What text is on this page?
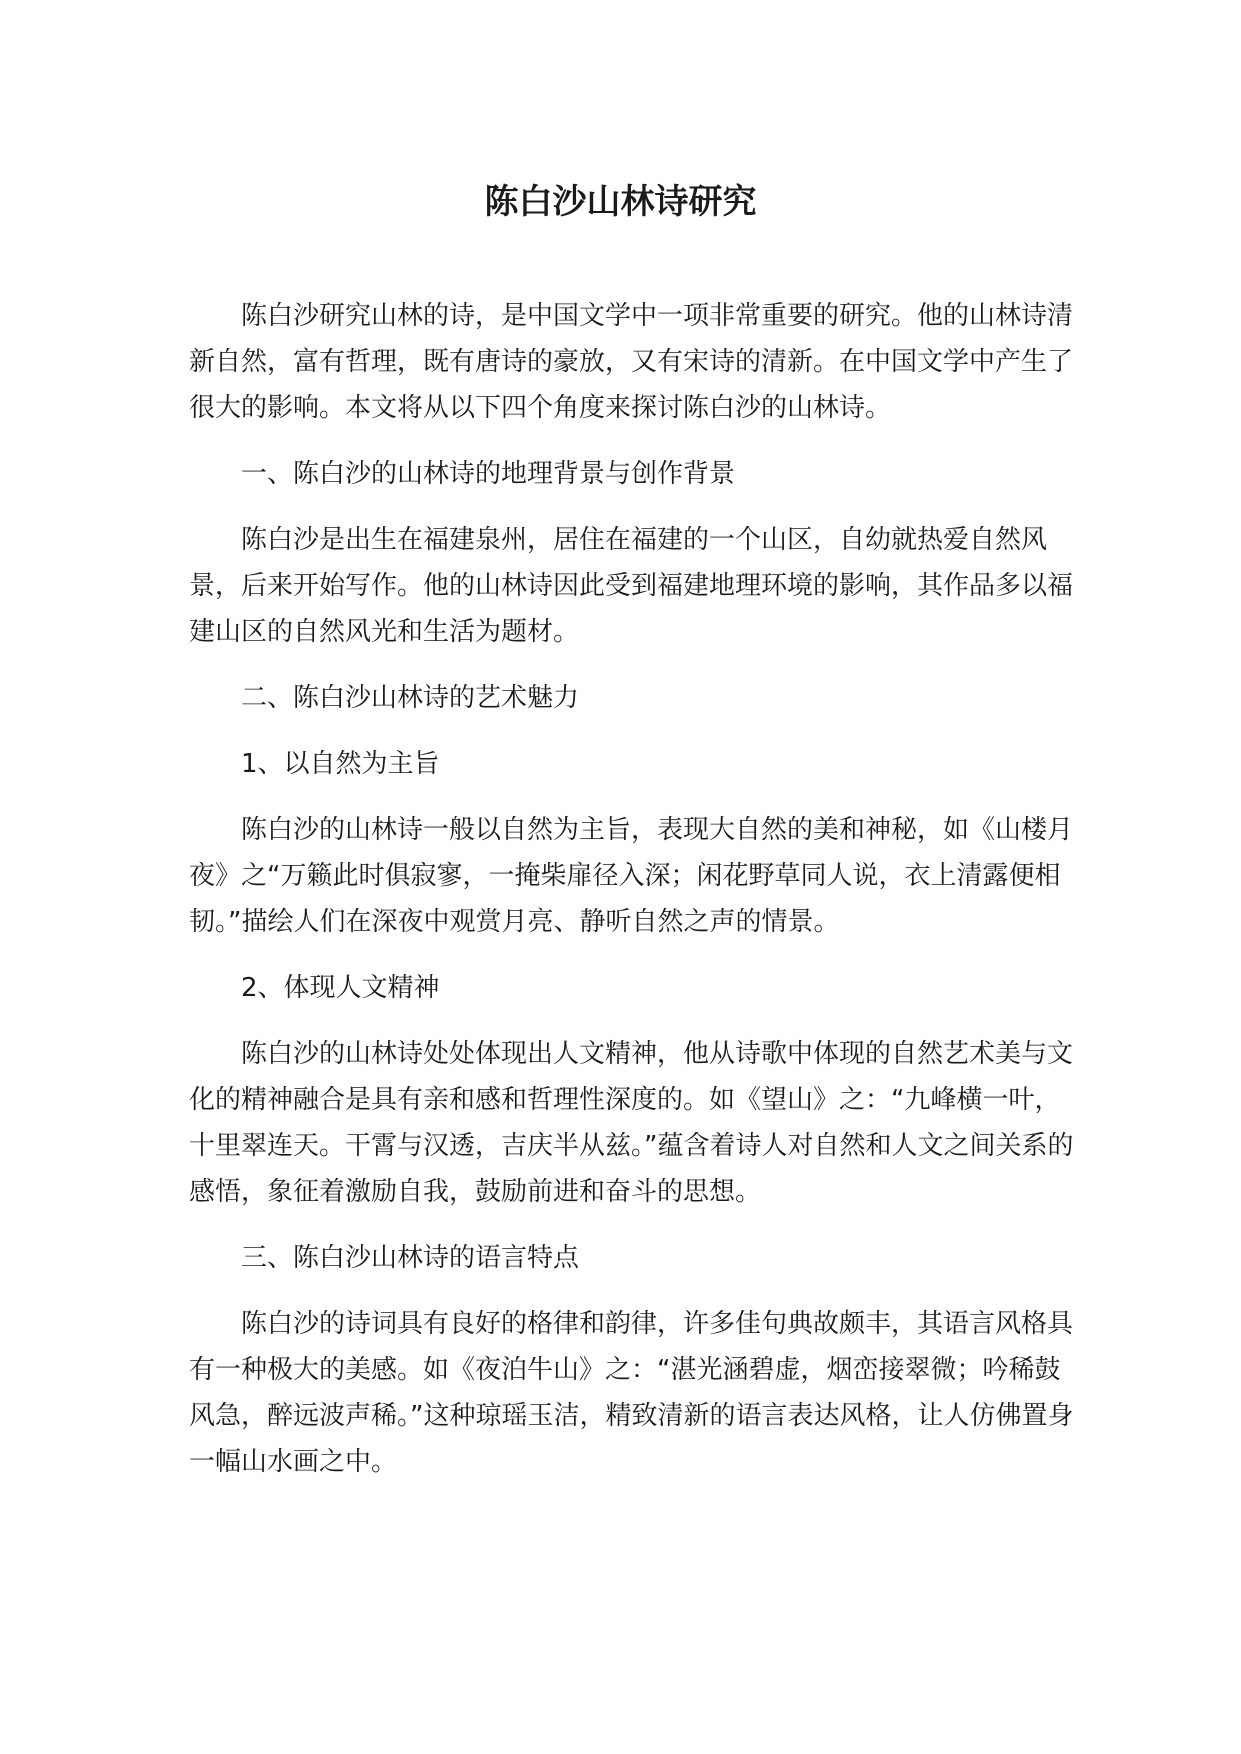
陈白沙山林诗研究

陈白沙研究山林的诗，是中国文学中一项非常重要的研究。他的山林诗清新自然，富有哲理，既有唐诗的豪放，又有宋诗的清新。在中国文学中产生了很大的影响。本文将从以下四个角度来探讨陈白沙的山林诗。

一、陈白沙的山林诗的地理背景与创作背景

陈白沙是出生在福建泉州，居住在福建的一个山区，自幼就热爱自然风景，后来开始写作。他的山林诗因此受到福建地理环境的影响，其作品多以福建山区的自然风光和生活为题材。

二、陈白沙山林诗的艺术魅力

1、以自然为主旨

陈白沙的山林诗一般以自然为主旨，表现大自然的美和神秘，如《山楼月夜》之“万籁此时俱寂寥，一掩柴扉径入深；闲花野草同人说，衣上清露便相韧。”描绘人们在深夜中观赏月亮、静听自然之声的情景。

2、体现人文精神

陈白沙的山林诗处处体现出人文精神，他从诗歌中体现的自然艺术美与文化的精神融合是具有亲和感和哲理性深度的。如《望山》之：“九峰横一叶，十里翠连天。干霄与汉透，吉庆半从兹。”蕴含着诗人对自然和人文之间关系的感悟，象征着激励自我，鼓励前进和奋斗的思想。

三、陈白沙山林诗的语言特点

陈白沙的诗词具有良好的格律和韵律，许多佳句典故颇丰，其语言风格具有一种极大的美感。如《夜泊牛山》之：“湛光涵碧虚，烟峦接翠微；吟稀鼓风急，醉远波声稀。”这种琼瑶玉洁，精致清新的语言表达风格，让人仿佛置身一幅山水画之中。
